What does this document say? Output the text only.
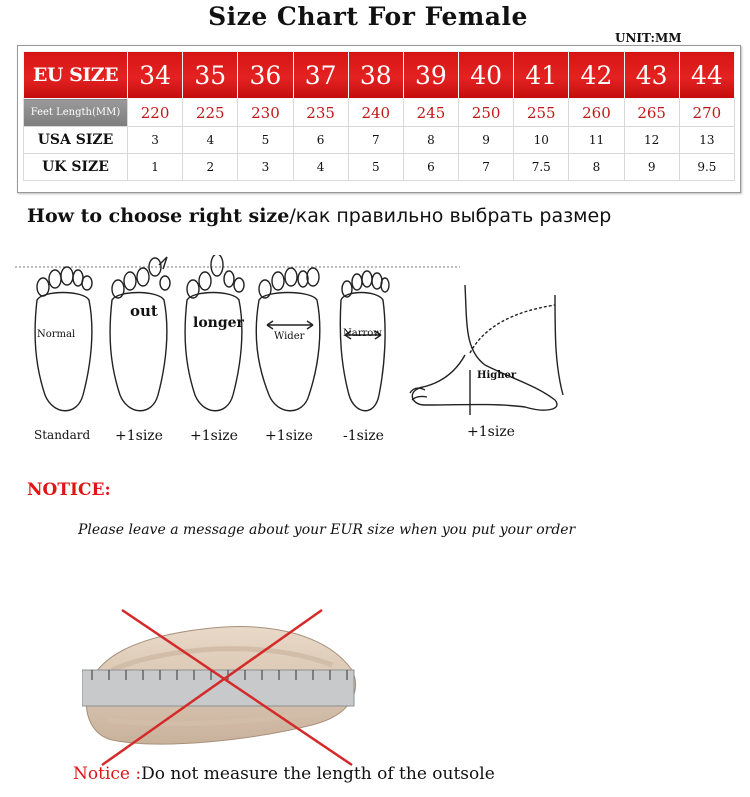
Size Chart For Female
UNIT:MM
EU SIZE	34	35	36	37	38	39	40	41	42	43	44
Feet Length(MM)	220	225	230	235	240	245	250	255	260	265	270
USA SIZE	3	4	5	6	7	8	9	10	11	12	13
UK SIZE	1	2	3	4	5	6	7	7.5	8	9	9.5
How to choose right size/как правильно выбрать размер
Normal
out
longer
Wider	Narrow
Higher
Standard +1size +1size +1size -1size	+1size
NOTICE:
Please leave a message about your EUR size when you put your order
Notice :Do not measure the length of the outsole
